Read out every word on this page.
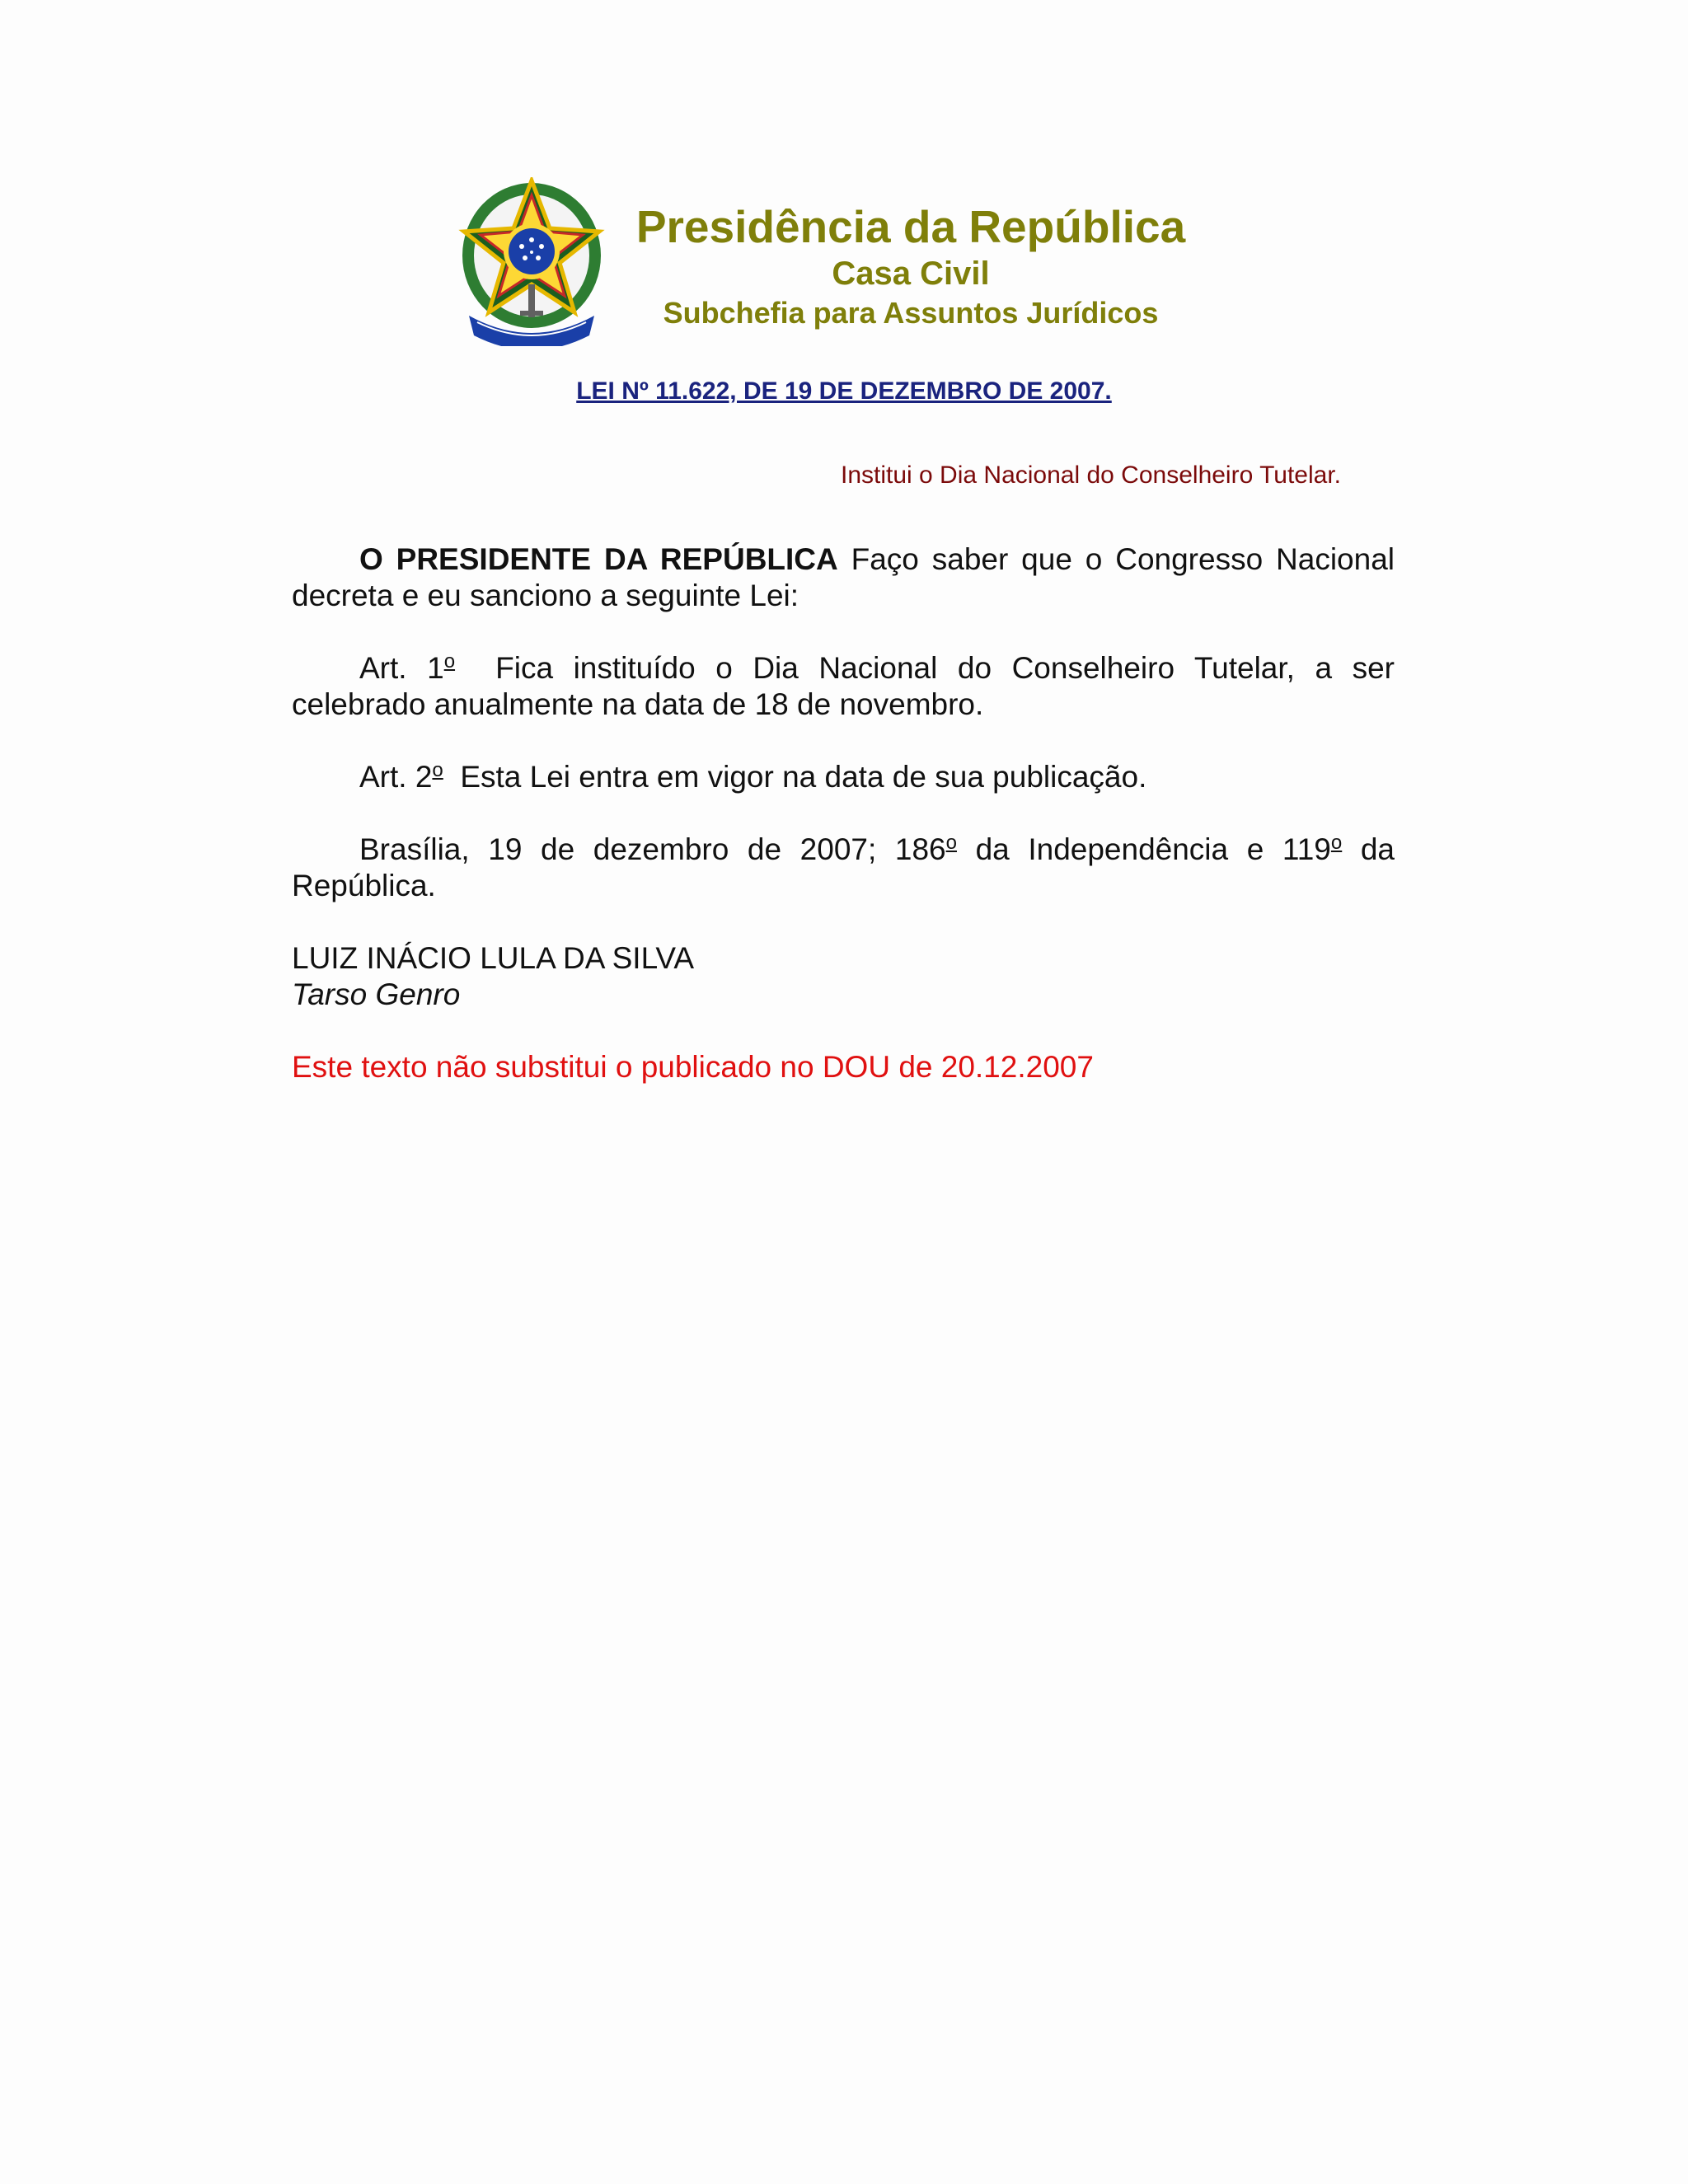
Presidência da República
Casa Civil
Subchefia para Assuntos Jurídicos
LEI Nº 11.622, DE 19 DE DEZEMBRO DE 2007.
Institui o Dia Nacional do Conselheiro Tutelar.

O PRESIDENTE DA REPÚBLICA Faço saber que o Congresso Nacional decreta e eu sanciono a seguinte Lei:

Art. 1$^o$  Fica instituído o Dia Nacional do Conselheiro Tutelar, a ser celebrado anualmente na data de 18 de novembro.

Art. 2$^o$  Esta Lei entra em vigor na data de sua publicação.

Brasília, 19 de dezembro de 2007; 186$^o$ da Independência e 119$^o$ da República.

LUIZ INÁCIO LULA DA SILVA

Tarso Genro

Este texto não substitui o publicado no DOU de 20.12.2007
